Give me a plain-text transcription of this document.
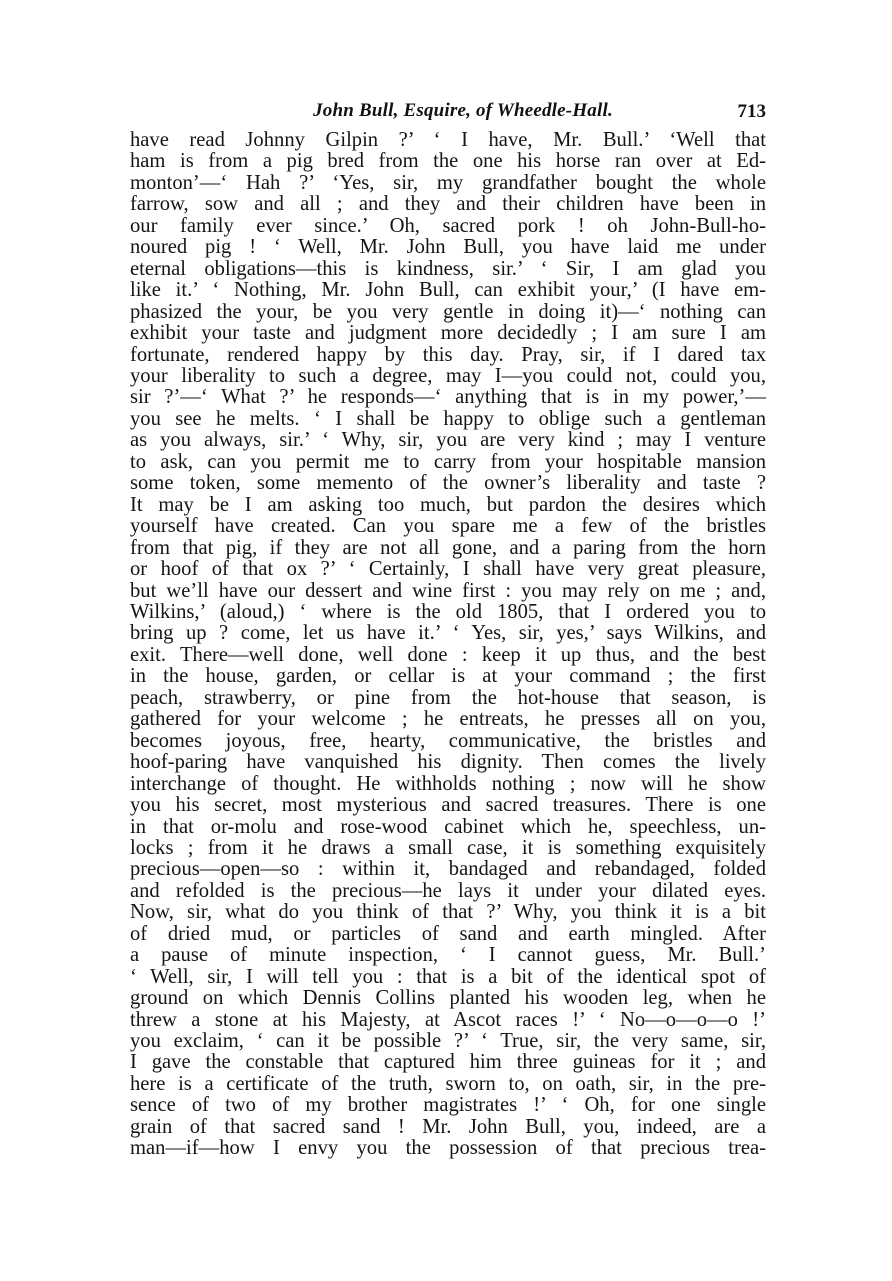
John Bull, Esquire, of Wheedle-Hall.	713
have read Johnny Gilpin ?’ ‘ I have, Mr. Bull.’ ‘Well that
ham is from a pig bred from the one his horse ran over at Ed-
monton’—‘ Hah ?’ ‘Yes, sir, my grandfather bought the whole
farrow, sow and all ; and they and their children have been in
our family ever since.’ Oh, sacred pork ! oh John-Bull-ho-
noured pig ! ‘ Well, Mr. John Bull, you have laid me under
eternal obligations—this is kindness, sir.’ ‘ Sir, I am glad you
like it.’ ‘ Nothing, Mr. John Bull, can exhibit your,’ (I have em-
phasized the your, be you very gentle in doing it)—‘ nothing can
exhibit your taste and judgment more decidedly ; I am sure I am
fortunate, rendered happy by this day. Pray, sir, if I dared tax
your liberality to such a degree, may I—you could not, could you,
sir ?’—‘ What ?’ he responds—‘ anything that is in my power,’—
you see he melts. ‘ I shall be happy to oblige such a gentleman
as you always, sir.’ ‘ Why, sir, you are very kind ; may I venture
to ask, can you permit me to carry from your hospitable mansion
some token, some memento of the owner’s liberality and taste ?
It may be I am asking too much, but pardon the desires which
yourself have created. Can you spare me a few of the bristles
from that pig, if they are not all gone, and a paring from the horn
or hoof of that ox ?’ ‘ Certainly, I shall have very great pleasure,
but we’ll have our dessert and wine first : you may rely on me ; and,
Wilkins,’ (aloud,) ‘ where is the old 1805, that I ordered you to
bring up ? come, let us have it.’ ‘ Yes, sir, yes,’ says Wilkins, and
exit. There—well done, well done : keep it up thus, and the best
in the house, garden, or cellar is at your command ; the first
peach, strawberry, or pine from the hot-house that season, is
gathered for your welcome ; he entreats, he presses all on you,
becomes joyous, free, hearty, communicative, the bristles and
hoof-paring have vanquished his dignity. Then comes the lively
interchange of thought. He withholds nothing ; now will he show
you his secret, most mysterious and sacred treasures. There is one
in that or-molu and rose-wood cabinet which he, speechless, un-
locks ; from it he draws a small case, it is something exquisitely
precious—open—so : within it, bandaged and rebandaged, folded
and refolded is the precious—he lays it under your dilated eyes.
Now, sir, what do you think of that ?’ Why, you think it is a bit
of dried mud, or particles of sand and earth mingled. After
a pause of minute inspection, ‘ I cannot guess, Mr. Bull.’
‘ Well, sir, I will tell you : that is a bit of the identical spot of
ground on which Dennis Collins planted his wooden leg, when he
threw a stone at his Majesty, at Ascot races !’ ‘ No—o—o—o !’
you exclaim, ‘ can it be possible ?’ ‘ True, sir, the very same, sir,
I gave the constable that captured him three guineas for it ; and
here is a certificate of the truth, sworn to, on oath, sir, in the pre-
sence of two of my brother magistrates !’ ‘ Oh, for one single
grain of that sacred sand ! Mr. John Bull, you, indeed, are a
man—if—how I envy you the possession of that precious trea-
